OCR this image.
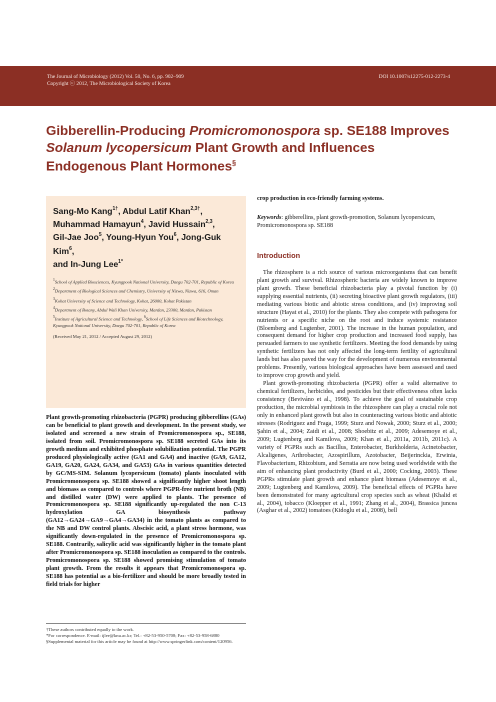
The Journal of Microbiology (2012) Vol. 50, No. 6, pp. 902–909
Copyright ⓒ 2012, The Microbiological Society of Korea
DOI 10.1007/s12275-012-2273-4
Gibberellin-Producing Promicromonospora sp. SE188 Improves Solanum lycopersicum Plant Growth and Influences Endogenous Plant Hormones§
Sang-Mo Kang$^{1\dagger}$, Abdul Latif Khan$^{2,3\dagger}$,
Muhammad Hamayun$^4$, Javid Hussain$^{2,3}$,
Gil-Jae Joo$^5$, Young-Hyun You$^6$, Jong-Guk Kim$^6$,
and In-Jung Lee$^{1*}$

$^1$School of Applied Biosciences, Kyungpook National University, Daegu 702-701, Republic of Korea

$^2$Department of Biological Sciences and Chemistry, University of Nizwa, Nizwa, 616, Oman

$^3$Kohat University of Science and Technology, Kohat, 26000, Kohat Pakistan

$^4$Department of Botany, Abdul Wali Khan University, Mardan, 23300, Mardan, Pakistan

$^5$Institute of Agricultural Science and Technology, $^6$School of Life Sciences and Biotechnology, Kyungpook National University, Daegu 702-701, Republic of Korea

(Received May 21, 2012 / Accepted August 29, 2012)
Plant growth-promoting rhizobacteria (PGPR) producing gibberellins (GAs) can be beneficial to plant growth and development. In the present study, we isolated and screened a new strain of Promicromonospora sp., SE188, isolated from soil. Promicromonospora sp. SE188 secreted GAs into its growth medium and exhibited phosphate solubilization potential. The PGPR produced physiologically active (GA1 and GA4) and inactive (GA9, GA12, GA19, GA20, GA24, GA34, and GA53) GAs in various quantities detected by GC/MS-SIM. Solanum lycopersicum (tomato) plants inoculated with Promicromonospora sp. SE188 showed a significantly higher shoot length and biomass as compared to controls where PGPR-free nutrient broth (NB) and distilled water (DW) were applied to plants. The presence of Promicromonospora sp. SE188 significantly up-regulated the non C-13 hydroxylation GA biosynthesis pathway (GA12→GA24→GA9→GA4→GA34) in the tomato plants as compared to the NB and DW control plants. Abscisic acid, a plant stress hormone, was significantly down-regulated in the presence of Promicromonospora sp. SE188. Contrarily, salicylic acid was significantly higher in the tomato plant after Promicromonospora sp. SE188 inoculation as compared to the controls. Promicromonospora sp. SE188 showed promising stimulation of tomato plant growth. From the results it appears that Promicromonospora sp. SE188 has potential as a bio-fertilizer and should be more broadly tested in field trials for higher
†These authors contributed equally to the work.
*For correspondence. E-mail: ijlee@knu.ac.kr; Tel.: +82-53-950-5708; Fax: +82-53-958-6880
§Supplemental material for this article may be found at http://www.springerlink.com/content/120956.
crop production in eco-friendly farming systems.
Keywords: gibberellins, plant growth-promotion, Solanum lycopersicum, Promicromonospora sp. SE188
Introduction

The rhizosphere is a rich source of various microorganisms that can benefit plant growth and survival. Rhizospheric bacteria are widely known to improve plant growth. These beneficial rhizobacteria play a pivotal function by (i) supplying essential nutrients, (ii) secreting bioactive plant growth regulators, (iii) mediating various biotic and abiotic stress conditions, and (iv) improving soil structure (Hayat et al., 2010) for the plants. They also compete with pathogens for nutrients or a specific niche on the root and induce systemic resistance (Bloemberg and Lugtenber, 2001). The increase in the human population, and consequent demand for higher crop production and increased food supply, has persuaded farmers to use synthetic fertilizers. Meeting the food demands by using synthetic fertilizers has not only affected the long-term fertility of agricultural lands but has also paved the way for the development of numerous environmental problems. Presently, various biological approaches have been assessed and used to improve crop growth and yield.

Plant growth-promoting rhizobacteria (PGPR) offer a valid alternative to chemical fertilizers, herbicides, and pesticides but their effectiveness often lacks consistency (Beviváno et al., 1998). To achieve the goal of sustainable crop production, the microbial symbiosis in the rhizosphere can play a crucial role not only in enhanced plant growth but also in counteracting various biotic and abiotic stresses (Rodriguez and Fraga, 1999; Sturz and Nowak, 2000; Sturz et al., 2000; Şahin et al., 2004; Zaidi et al., 2008; Shoebitz et al., 2009; Adesemoye et al., 2009; Lugtenberg and Kamilova, 2009; Khan et al., 2011a, 2011b, 2011c). A variety of PGPRs such as Bacillus, Enterobacter, Burkholderia, Acinetobacter, Alcaligenes, Arthrobacter, Azospirillum, Azotobacter, Beijerinckia, Erwinia, Flavobacterium, Rhizobium, and Serratia are now being used worldwide with the aim of enhancing plant productivity (Burd et al., 2000; Cocking, 2003). These PGPRs stimulate plant growth and enhance plant biomass (Adesemoye et al., 2009; Lugtenberg and Kamilova, 2009). The beneficial effects of PGPRs have been demonstrated for many agricultural crop species such as wheat (Khalid et al., 2004), tobacco (Kloepper et al., 1991; Zhang et al., 2004), Brassica juncea (Asghar et al., 2002) tomatoes (Kidoglu et al., 2008), bell
